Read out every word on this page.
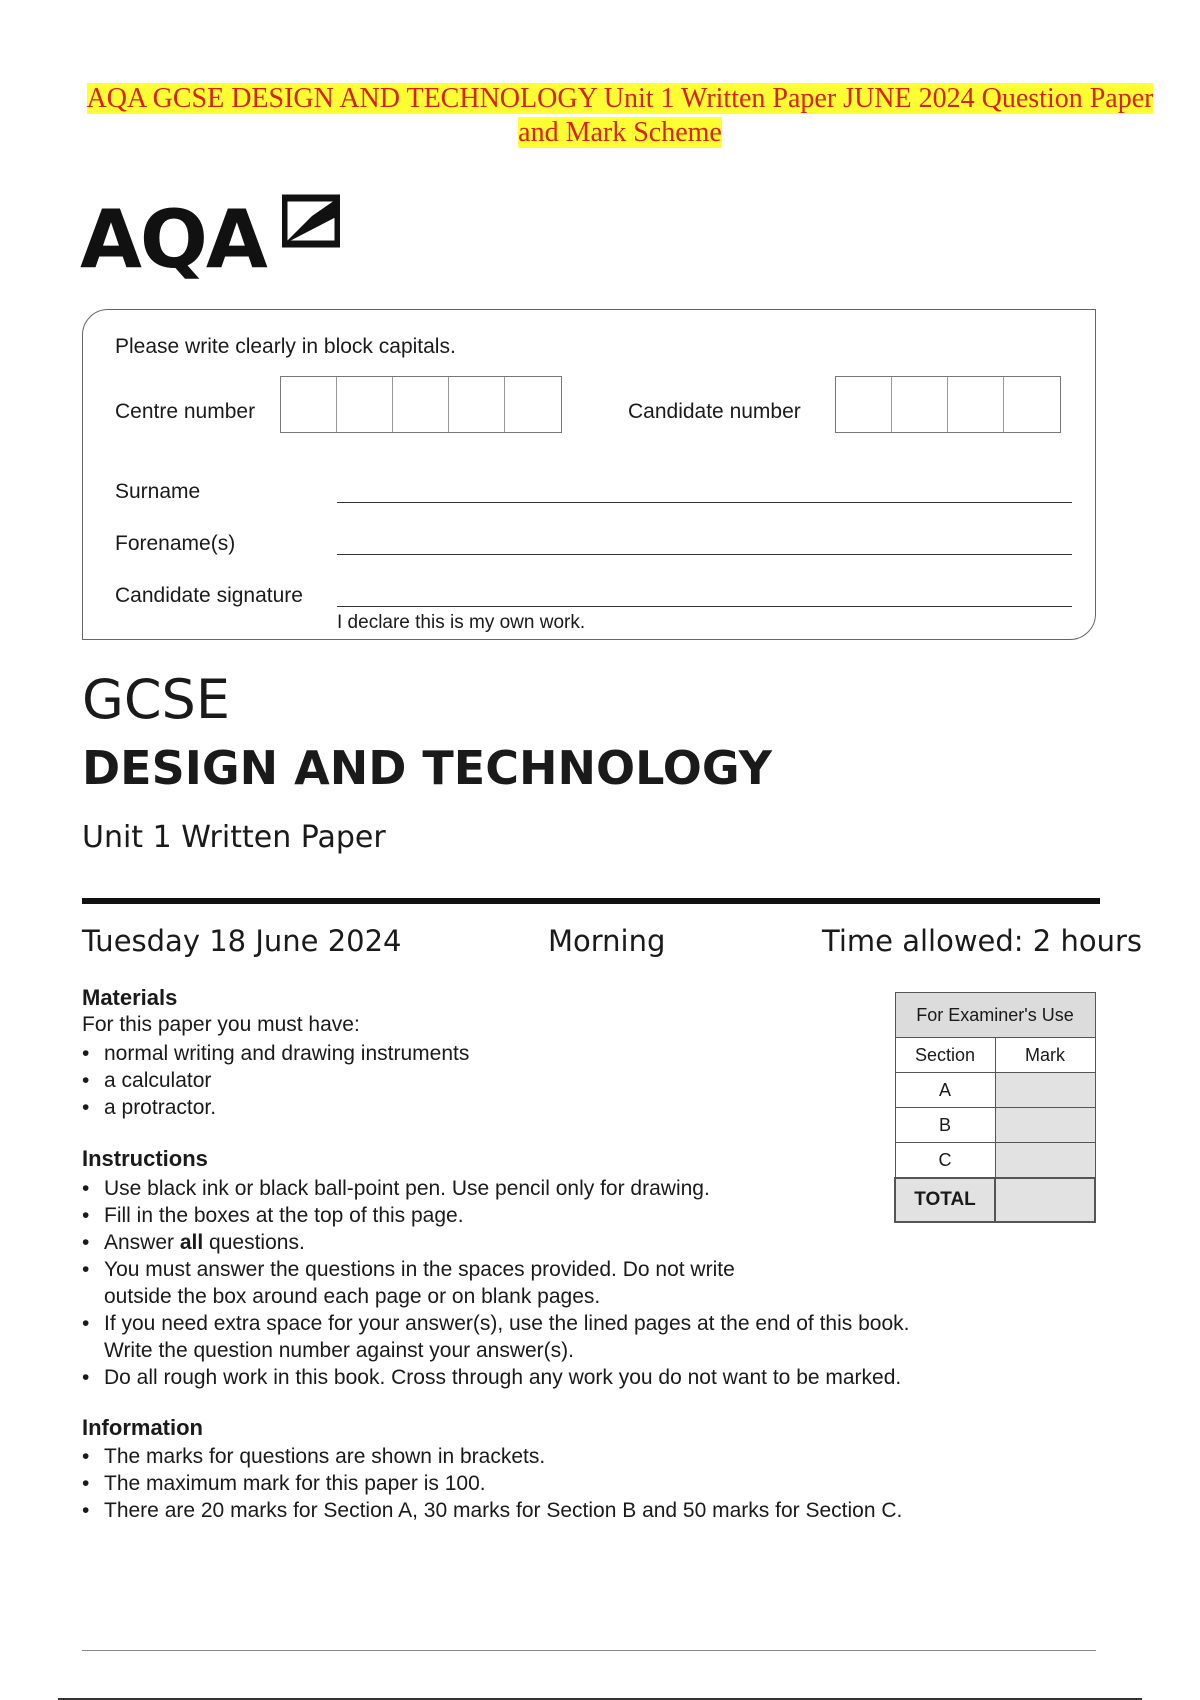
AQA GCSE DESIGN AND TECHNOLOGY Unit 1 Written Paper JUNE 2024 Question Paper
and Mark Scheme
AQA
Please write clearly in block capitals.
Centre number	Candidate number
Surname
Forename(s)
Candidate signature
I declare this is my own work.
GCSE
DESIGN AND TECHNOLOGY
Unit 1 Written Paper
Tuesday 18 June 2024	Morning	Time allowed: 2 hours
Materials
For this paper you must have:
• normal writing and drawing instruments
• a calculator
• a protractor.
Instructions
• Use black ink or black ball-point pen. Use pencil only for drawing.
• Fill in the boxes at the top of this page.
• Answer all questions.
• You must answer the questions in the spaces provided. Do not write
outside the box around each page or on blank pages.
• If you need extra space for your answer(s), use the lined pages at the end of this book.
Write the question number against your answer(s).
• Do all rough work in this book. Cross through any work you do not want to be marked.
Information
• The marks for questions are shown in brackets.
• The maximum mark for this paper is 100.
• There are 20 marks for Section A, 30 marks for Section B and 50 marks for Section C.
For Examiner's Use	
Section	Mark
A	
B	
C	
TOTAL	
